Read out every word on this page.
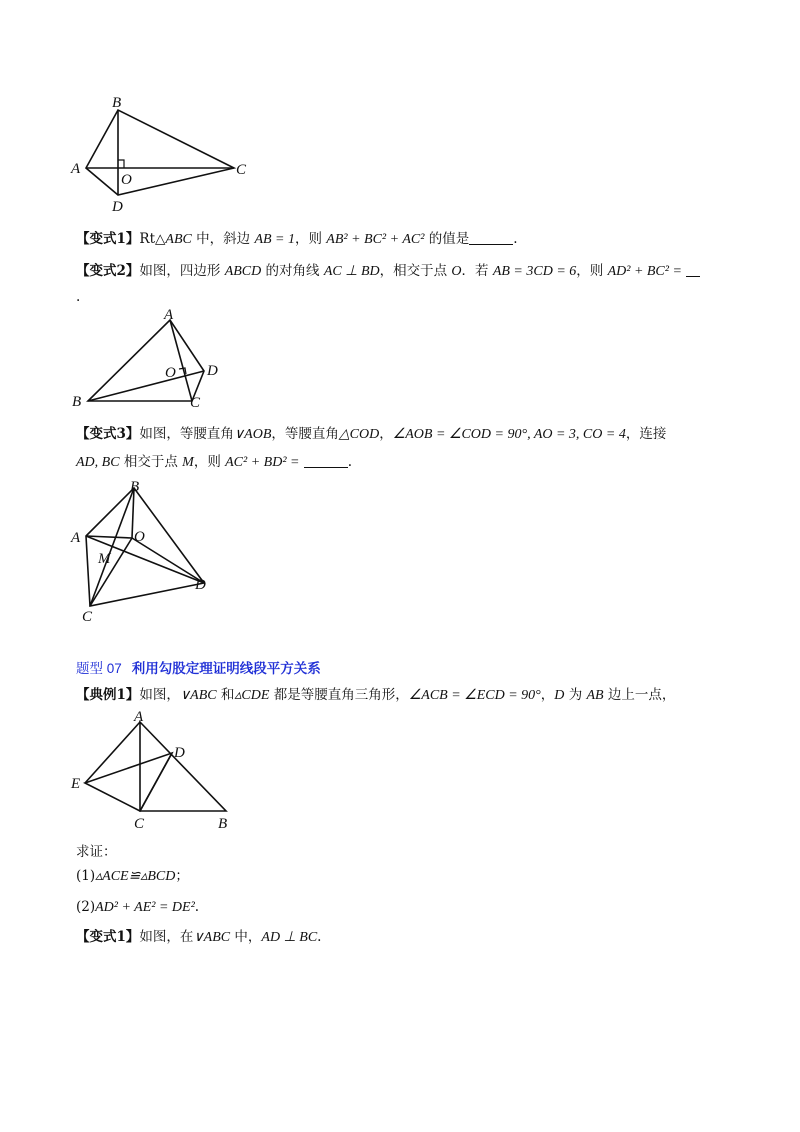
B
A
O
C
D
【变式1】Rt△ABC 中，斜边 AB = 1，则 AB² + BC² + AC² 的值是	.
【变式2】如图，四边形 ABCD 的对角线 AC ⊥ BD，相交于点 O．若 AB = 3CD = 6，则 AD² + BC² =
.
A
O D
B	C
【变式3】如图，等腰直角∨AOB，等腰直角△COD，∠AOB = ∠COD = 90°, AO = 3, CO = 4，连接
AD, BC 相交于点 M，则 AC² + BD² =	.
B
A	O
M
D
C
题型 07 利用勾股定理证明线段平方关系
【典例1】如图，∨ABC 和▵CDE 都是等腰直角三角形，∠ACB = ∠ECD = 90°，D 为 AB 边上一点，
A
D
E
C	B
求证：
(1)▵ACE≌▵BCD；
(2)AD² + AE² = DE².
【变式1】如图，在∨ABC 中，AD ⊥ BC.
